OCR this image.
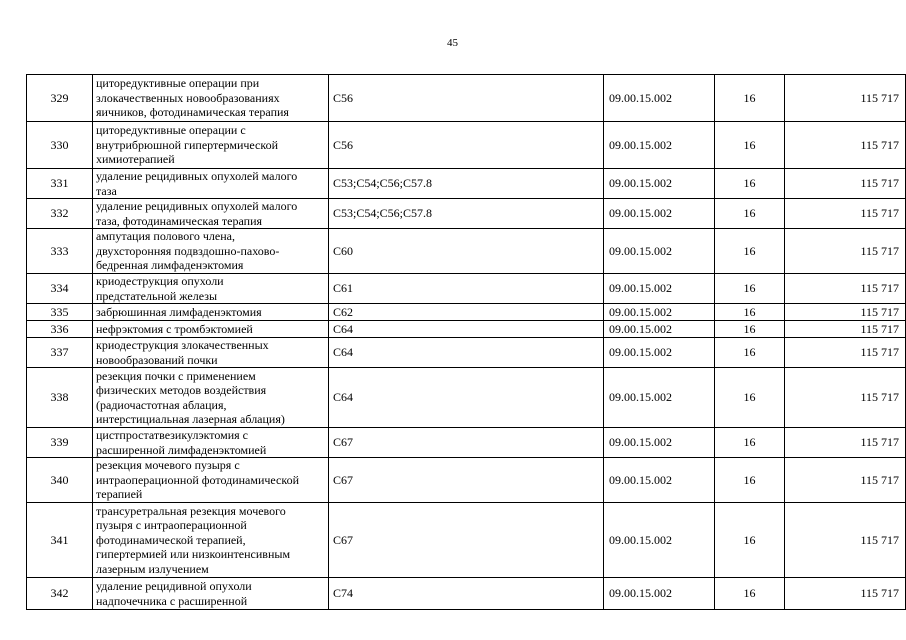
45
329	циторедуктивные операции при
злокачественных новообразованиях
яичников, фотодинамическая терапия	C56	09.00.15.002	16	115 717
330	циторедуктивные операции с
внутрибрюшной гипертермической
химиотерапией	C56	09.00.15.002	16	115 717
331	удаление рецидивных опухолей малого
таза	C53;C54;C56;C57.8	09.00.15.002	16	115 717
332	удаление рецидивных опухолей малого
таза, фотодинамическая терапия	C53;C54;C56;C57.8	09.00.15.002	16	115 717
333	ампутация полового члена,
двухсторонняя подвздошно-пахово-
бедренная лимфаденэктомия	C60	09.00.15.002	16	115 717
334	криодеструкция опухоли
предстательной железы	C61	09.00.15.002	16	115 717
335	забрюшинная лимфаденэктомия	C62	09.00.15.002	16	115 717
336	нефрэктомия с тромбэктомией	C64	09.00.15.002	16	115 717
337	криодеструкция злокачественных
новообразований почки	C64	09.00.15.002	16	115 717
338	резекция почки с применением
физических методов воздействия
(радиочастотная аблация,
интерстициальная лазерная аблация)	C64	09.00.15.002	16	115 717
339	цистпростатвезикулэктомия с
расширенной лимфаденэктомией	C67	09.00.15.002	16	115 717
340	резекция мочевого пузыря с
интраоперационной фотодинамической
терапией	C67	09.00.15.002	16	115 717
341	трансуретральная резекция мочевого
пузыря с интраоперационной
фотодинамической терапией,
гипертермией или низкоинтенсивным
лазерным излучением	C67	09.00.15.002	16	115 717
342	удаление рецидивной опухоли
надпочечника с расширенной	C74	09.00.15.002	16	115 717
